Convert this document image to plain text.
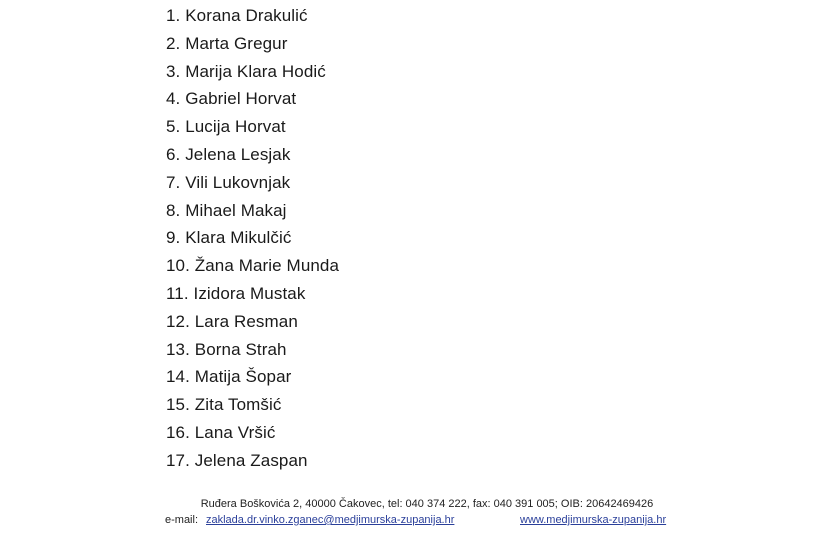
1. Korana Drakulić
2. Marta Gregur
3. Marija Klara Hodić
4. Gabriel Horvat
5. Lucija Horvat
6. Jelena Lesjak
7. Vili Lukovnjak
8. Mihael Makaj
9. Klara Mikulčić
10. Žana Marie Munda
11. Izidora Mustak
12. Lara Resman
13. Borna Strah
14. Matija Šopar
15. Zita Tomšić
16. Lana Vršić
17. Jelena Zaspan
Ruđera Boškovića 2, 40000 Čakovec, tel: 040 374 222, fax: 040 391 005; OIB: 20642469426
e-mail: zaklada.dr.vinko.zganec@medjimurska-zupanija.hr	www.medjimurska-zupanija.hr
